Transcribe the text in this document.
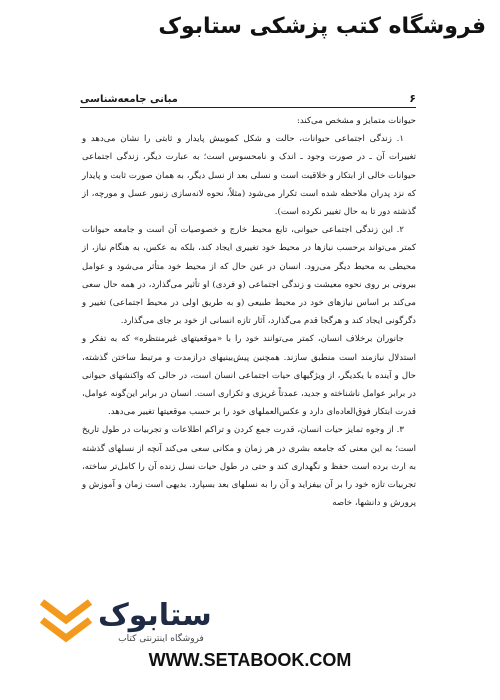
فروشگاه کتب پزشکی ستابوک
۶
مبانی جامعه‌شناسی

حیوانات متمایز و مشخص می‌کند:

۱. زندگی اجتماعی حیوانات، حالت و شکل کموبیش پایدار و ثابتی را نشان می‌دهد و تغییرات آن ـ در صورت وجود ـ اندک و نامحسوس است؛ به عبارت دیگر، زندگی اجتماعی حیوانات خالی از ابتکار و خلاقیت است و نسلی بعد از نسل دیگر، به همان صورت ثابت و پایدار که نزد پدران ملاحظه شده است تکرار می‌شود (مثلاً، نحوه لانه‌سازی زنبور عسل و مورچه، از گذشته دور تا به حال تغییر نکرده است).

۲. این زندگی اجتماعی حیوانی، تابع محیط خارج و خصوصیات آن است و جامعه حیوانات کمتر می‌تواند برحسب نیازها در محیط خود تغییری ایجاد کند، بلکه به عکس، به هنگام نیاز، از محیطی به محیط دیگر می‌رود. انسان در عین حال که از محیط خود متأثر می‌شود و عوامل بیرونی بر روی نحوه معیشت و زندگی اجتماعی (و فردی) او تأثیر می‌گذارد، در همه حال سعی می‌کند بر اساس نیازهای خود در محیط طبیعی (و به طریق اولی در محیط اجتماعی) تغییر و دگرگونی ایجاد کند و هرگجا قدم می‌گذارد، آثار تازه انسانی از خود بر جای می‌گذارد.

جانوران برخلاف انسان، کمتر می‌توانند خود را با «موقعیتهای غیرمنتظره» که به تفکر و استدلال نیازمند است منطبق سازند. همچنین پیش‌بینیهای درازمدت و مرتبط ساختن گذشته، حال و آینده با یکدیگر، از ویژگیهای حیات اجتماعی انسان است، در حالی که واکنشهای حیوانی در برابر عوامل ناشناخته و جدید، عمدتاً غریزی و تکراری است. انسان در برابر این‌گونه عوامل، قدرت ابتکار فوق‌العاده‌ای دارد و عکس‌العملهای خود را بر حسب موقعیتها تغییر می‌دهد.

۳. از وجوه تمایز حیات انسان، قدرت جمع کردن و تراکم اطلاعات و تجربیات در طول تاریخ است؛ به این معنی که جامعه بشری در هر زمان و مکانی سعی می‌کند آنچه از نسلهای گذشته به ارث برده است حفظ و نگهداری کند و حتی در طول حیات نسل زنده آن را کامل‌تر ساخته، تجربیات تازه خود را بر آن بیفزاید و آن را به نسلهای بعد بسپارد. بدیهی است زمان و آموزش و پرورش و دانشها، خاصه

ستابوک
فروشگاه اینترنتی کتاب
WWW.SETABOOK.COM
